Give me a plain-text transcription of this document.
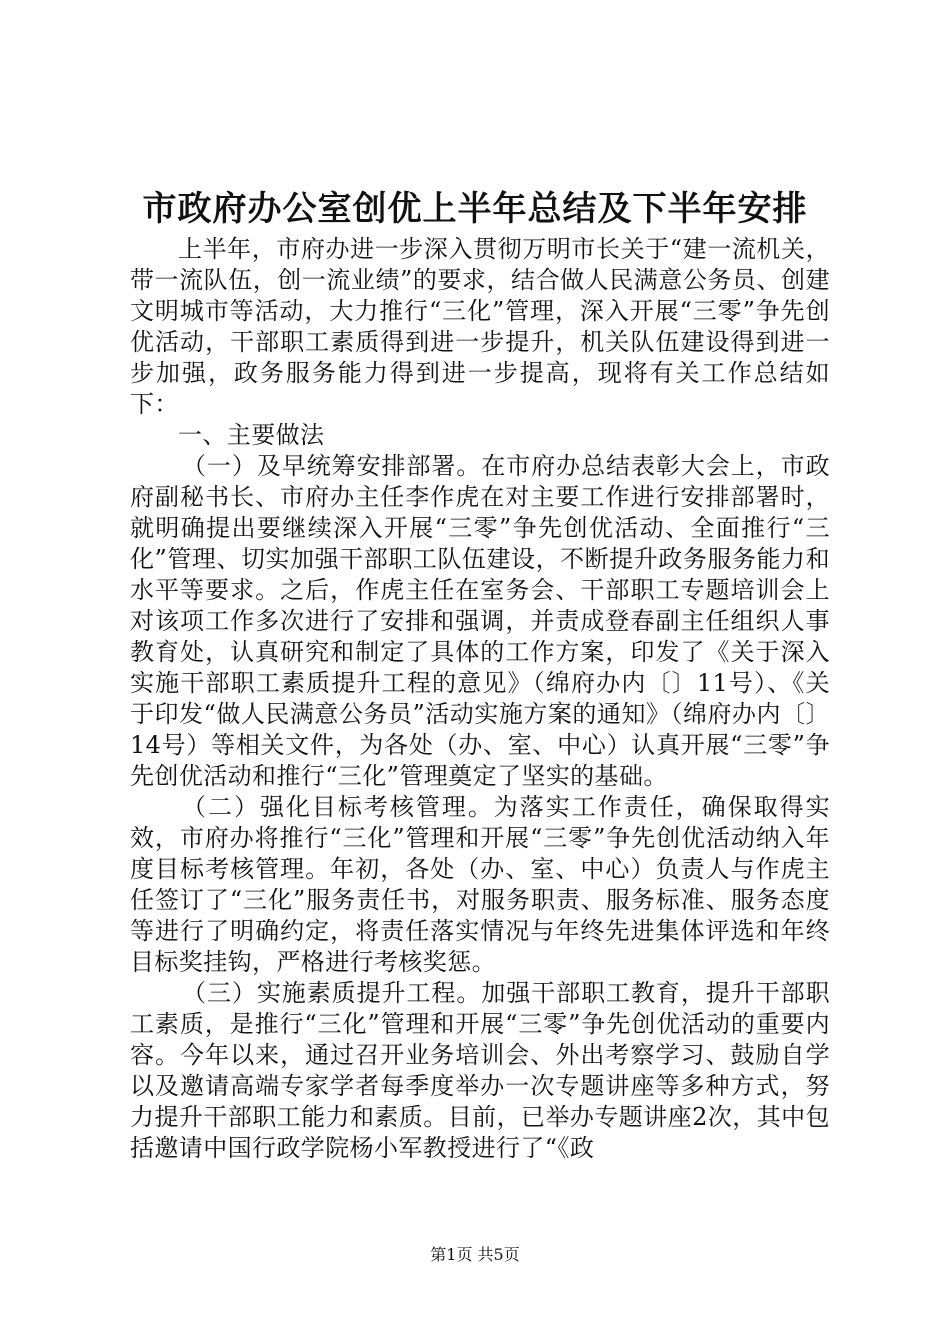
市政府办公室创优上半年总结及下半年安排

上半年，市府办进一步深入贯彻万明市长关于“建一流机关，带一流队伍，创一流业绩”的要求，结合做人民满意公务员、创建文明城市等活动，大力推行“三化”管理，深入开展“三零”争先创优活动，干部职工素质得到进一步提升，机关队伍建设得到进一步加强，政务服务能力得到进一步提高，现将有关工作总结如下：

一、主要做法

（一）及早统筹安排部署。在市府办总结表彰大会上，市政府副秘书长、市府办主任李作虎在对主要工作进行安排部署时，就明确提出要继续深入开展“三零”争先创优活动、全面推行“三化”管理、切实加强干部职工队伍建设，不断提升政务服务能力和水平等要求。之后，作虎主任在室务会、干部职工专题培训会上对该项工作多次进行了安排和强调，并责成登春副主任组织人事教育处，认真研究和制定了具体的工作方案，印发了《关于深入实施干部职工素质提升工程的意见》（绵府办内〔〕11号）、《关于印发“做人民满意公务员”活动实施方案的通知》（绵府办内〔〕14号）等相关文件，为各处（办、室、中心）认真开展“三零”争先创优活动和推行“三化”管理奠定了坚实的基础。

（二）强化目标考核管理。为落实工作责任，确保取得实效，市府办将推行“三化”管理和开展“三零”争先创优活动纳入年度目标考核管理。年初，各处（办、室、中心）负责人与作虎主任签订了“三化”服务责任书，对服务职责、服务标准、服务态度等进行了明确约定，将责任落实情况与年终先进集体评选和年终目标奖挂钩，严格进行考核奖惩。

（三）实施素质提升工程。加强干部职工教育，提升干部职工素质，是推行“三化”管理和开展“三零”争先创优活动的重要内容。今年以来，通过召开业务培训会、外出考察学习、鼓励自学以及邀请高端专家学者每季度举办一次专题讲座等多种方式，努力提升干部职工能力和素质。目前，已举办专题讲座2次，其中包括邀请中国行政学院杨小军教授进行了“《政

第1页 共5页
